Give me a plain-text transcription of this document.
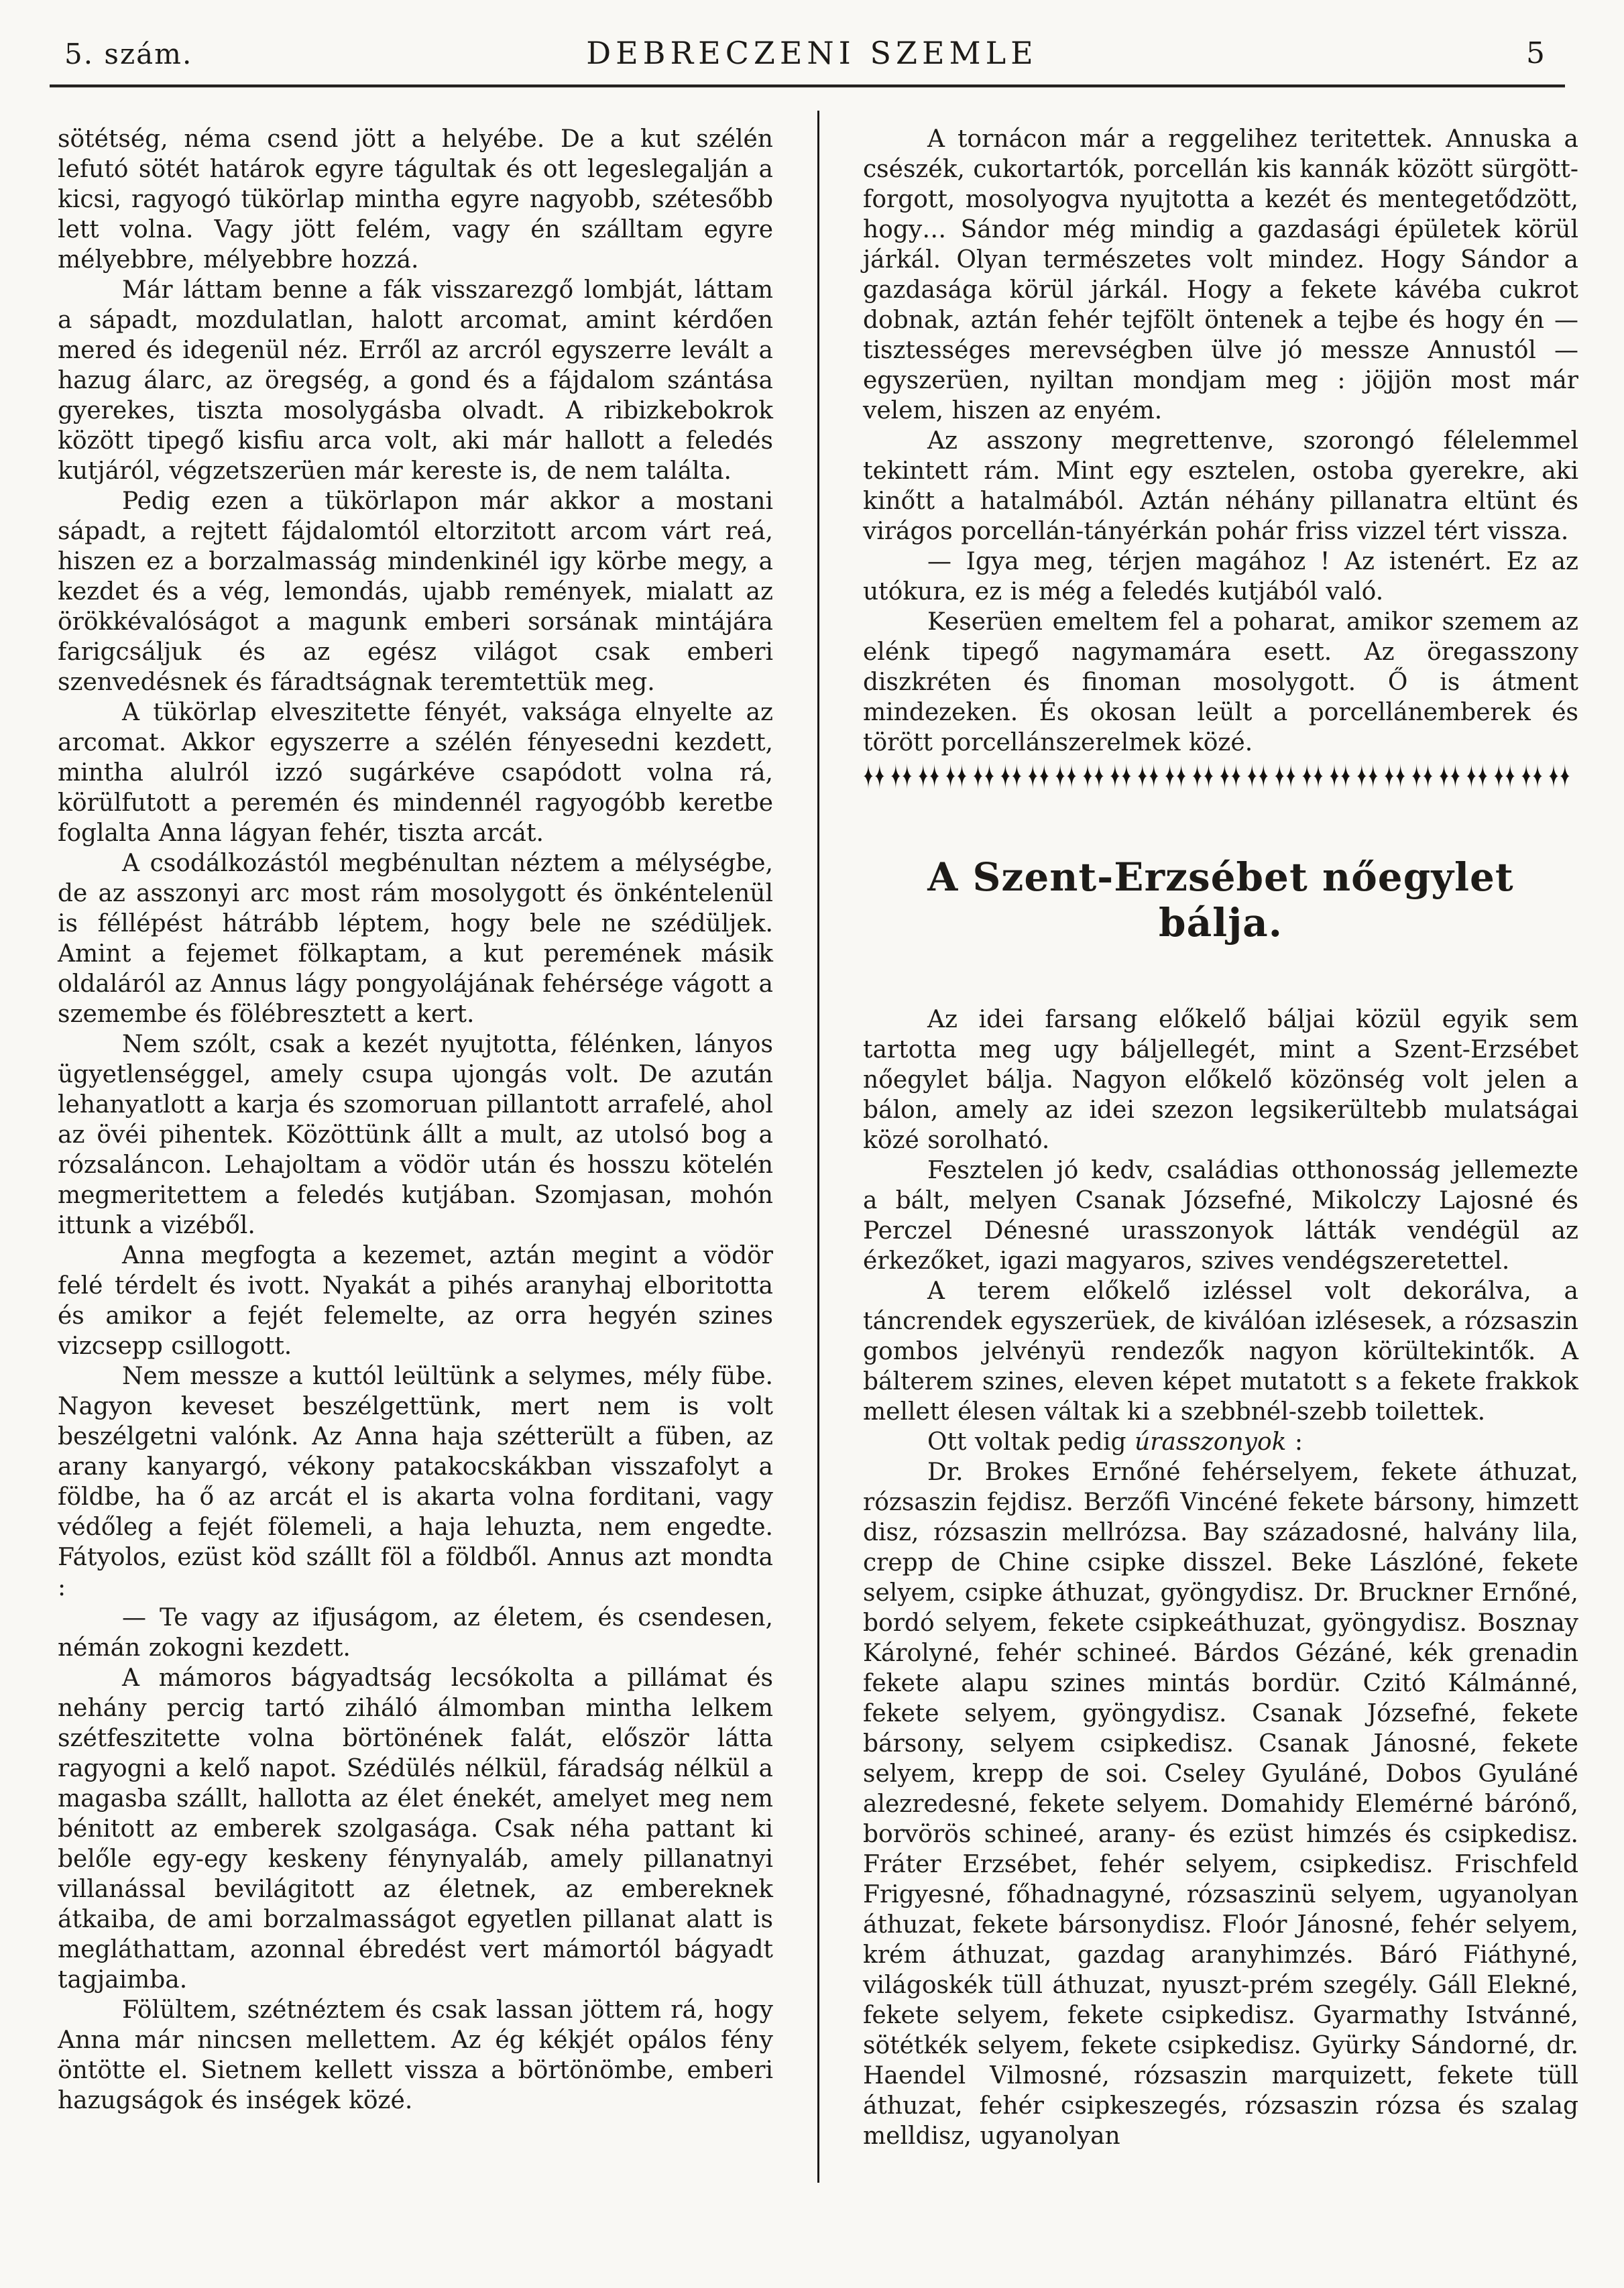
5. szám.	DEBRECZENI SZEMLE	5

sötétség, néma csend jött a helyébe. De a kut szélén lefutó sötét határok egyre tágultak és ott legeslegalján a kicsi, ragyogó tükörlap mintha egyre nagyobb, szétesőbb lett volna. Vagy jött felém, vagy én szálltam egyre mélyebbre, mélyebbre hozzá.

Már láttam benne a fák visszarezgő lombját, láttam a sápadt, mozdulatlan, halott arcomat, amint kérdően mered és idegenül néz. Erről az arcról egyszerre levált a hazug álarc, az öregség, a gond és a fájdalom szántása gyerekes, tiszta mosolygásba olvadt. A ribizkebokrok között tipegő kisfiu arca volt, aki már hallott a feledés kutjáról, végzetszerüen már kereste is, de nem találta.

Pedig ezen a tükörlapon már akkor a mostani sápadt, a rejtett fájdalomtól eltorzitott arcom várt reá, hiszen ez a borzalmasság mindenkinél igy körbe megy, a kezdet és a vég, lemondás, ujabb remények, mialatt az örökkévalóságot a magunk emberi sorsának mintájára farigcsáljuk és az egész világot csak emberi szenvedésnek és fáradtságnak teremtettük meg.

A tükörlap elveszitette fényét, vaksága elnyelte az arcomat. Akkor egyszerre a szélén fényesedni kezdett, mintha alulról izzó sugárkéve csapódott volna rá, körülfutott a peremén és mindennél ragyogóbb keretbe foglalta Anna lágyan fehér, tiszta arcát.

A csodálkozástól megbénultan néztem a mélységbe, de az asszonyi arc most rám mosolygott és önkéntelenül is féllépést hátrább léptem, hogy bele ne szédüljek. Amint a fejemet fölkaptam, a kut peremének másik oldaláról az Annus lágy pongyolájának fehérsége vágott a szemembe és fölébresztett a kert.

Nem szólt, csak a kezét nyujtotta, félénken, lányos ügyetlenséggel, amely csupa ujongás volt. De azután lehanyatlott a karja és szomoruan pillantott arrafelé, ahol az övéi pihentek. Közöttünk állt a mult, az utolsó bog a rózsaláncon. Lehajoltam a vödör után és hosszu kötelén megmeritettem a feledés kutjában. Szomjasan, mohón ittunk a vizéből.

Anna megfogta a kezemet, aztán megint a vödör felé térdelt és ivott. Nyakát a pihés aranyhaj elboritotta és amikor a fejét felemelte, az orra hegyén szines vizcsepp csillogott.

Nem messze a kuttól leültünk a selymes, mély fübe. Nagyon keveset beszélgettünk, mert nem is volt beszélgetni valónk. Az Anna haja szétterült a füben, az arany kanyargó, vékony patakocskákban visszafolyt a földbe, ha ő az arcát el is akarta volna forditani, vagy védőleg a fejét fölemeli, a haja lehuzta, nem engedte. Fátyolos, ezüst köd szállt föl a földből. Annus azt mondta :

— Te vagy az ifjuságom, az életem, és csendesen, némán zokogni kezdett.

A mámoros bágyadtság lecsókolta a pillámat és nehány percig tartó ziháló álmomban mintha lelkem szétfeszitette volna börtönének falát, először látta ragyogni a kelő napot. Szédülés nélkül, fáradság nélkül a magasba szállt, hallotta az élet énekét, amelyet meg nem bénitott az emberek szolgasága. Csak néha pattant ki belőle egy-egy keskeny fénynyaláb, amely pillanatnyi villanással bevilágitott az életnek, az embereknek átkaiba, de ami borzalmasságot egyetlen pillanat alatt is megláthattam, azonnal ébredést vert mámortól bágyadt tagjaimba.

Fölültem, szétnéztem és csak lassan jöttem rá, hogy Anna már nincsen mellettem. Az ég kékjét opálos fény öntötte el. Sietnem kellett vissza a börtönömbe, emberi hazugságok és inségek közé.

A tornácon már a reggelihez teritettek. Annuska a csészék, cukortartók, porcellán kis kannák között sürgött-forgott, mosolyogva nyujtotta a kezét és mentegetődzött, hogy… Sándor még mindig a gazdasági épületek körül járkál. Olyan természetes volt mindez. Hogy Sándor a gazdasága körül járkál. Hogy a fekete kávéba cukrot dobnak, aztán fehér tejfölt öntenek a tejbe és hogy én — tisztességes merevségben ülve jó messze Annustól — egyszerüen, nyiltan mondjam meg : jöjjön most már velem, hiszen az enyém.

Az asszony megrettenve, szorongó félelemmel tekintett rám. Mint egy esztelen, ostoba gyerekre, aki kinőtt a hatalmából. Aztán néhány pillanatra eltünt és virágos porcellán-tányérkán pohár friss vizzel tért vissza.

— Igya meg, térjen magához ! Az istenért. Ez az utókura, ez is még a feledés kutjából való.

Keserüen emeltem fel a poharat, amikor szemem az elénk tipegő nagymamára esett. Az öregasszony diszkréten és finoman mosolygott. Ő is átment mindezeken. És okosan leült a porcellánemberek és törött porcellánszerelmek közé.

✦✦ ✦✦ ✦✦ ✦✦ ✦✦ ✦✦ ✦✦ ✦✦ ✦✦ ✦✦ ✦✦ ✦✦ ✦✦ ✦✦ ✦✦ ✦✦ ✦✦ ✦✦ ✦✦ ✦✦ ✦✦ ✦✦ ✦✦ ✦✦ ✦✦ ✦✦
A Szent-Erzsébet nőegylet bálja.

Az idei farsang előkelő báljai közül egyik sem tartotta meg ugy báljellegét, mint a Szent-Erzsébet nőegylet bálja. Nagyon előkelő közönség volt jelen a bálon, amely az idei szezon legsikerültebb mulatságai közé sorolható.

Fesztelen jó kedv, családias otthonosság jellemezte a bált, melyen Csanak Józsefné, Mikolczy Lajosné és Perczel Dénesné urasszonyok látták vendégül az érkezőket, igazi magyaros, szives vendégszeretettel.

A terem előkelő izléssel volt dekorálva, a táncrendek egyszerüek, de kiválóan izlésesek, a rózsaszin gombos jelvényü rendezők nagyon körültekintők. A bálterem szines, eleven képet mutatott s a fekete frakkok mellett élesen váltak ki a szebbnél-szebb toilettek.

Ott voltak pedig úrasszonyok :

Dr. Brokes Ernőné fehérselyem, fekete áthuzat, rózsaszin fejdisz. Berzőfi Vincéné fekete bársony, himzett disz, rózsaszin mellrózsa. Bay századosné, halvány lila, crepp de Chine csipke disszel. Beke Lászlóné, fekete selyem, csipke áthuzat, gyöngydisz. Dr. Bruckner Ernőné, bordó selyem, fekete csipkeáthuzat, gyöngydisz. Bosznay Károlyné, fehér schineé. Bárdos Gézáné, kék grenadin fekete alapu szines mintás bordür. Czitó Kálmánné, fekete selyem, gyöngydisz. Csanak Józsefné, fekete bársony, selyem csipkedisz. Csanak Jánosné, fekete selyem, krepp de soi. Cseley Gyuláné, Dobos Gyuláné alezredesné, fekete selyem. Domahidy Elemérné bárónő, borvörös schineé, arany- és ezüst himzés és csipkedisz. Fráter Erzsébet, fehér selyem, csipkedisz. Frischfeld Frigyesné, főhadnagyné, rózsaszinü selyem, ugyanolyan áthuzat, fekete bársonydisz. Floór Jánosné, fehér selyem, krém áthuzat, gazdag aranyhimzés. Báró Fiáthyné, világoskék tüll áthuzat, nyuszt-prém szegély. Gáll Elekné, fekete selyem, fekete csipkedisz. Gyarmathy Istvánné, sötétkék selyem, fekete csipkedisz. Gyürky Sándorné, dr. Haendel Vilmosné, rózsaszin marquizett, fekete tüll áthuzat, fehér csipkeszegés, rózsaszin rózsa és szalag melldisz, ugyanolyan
